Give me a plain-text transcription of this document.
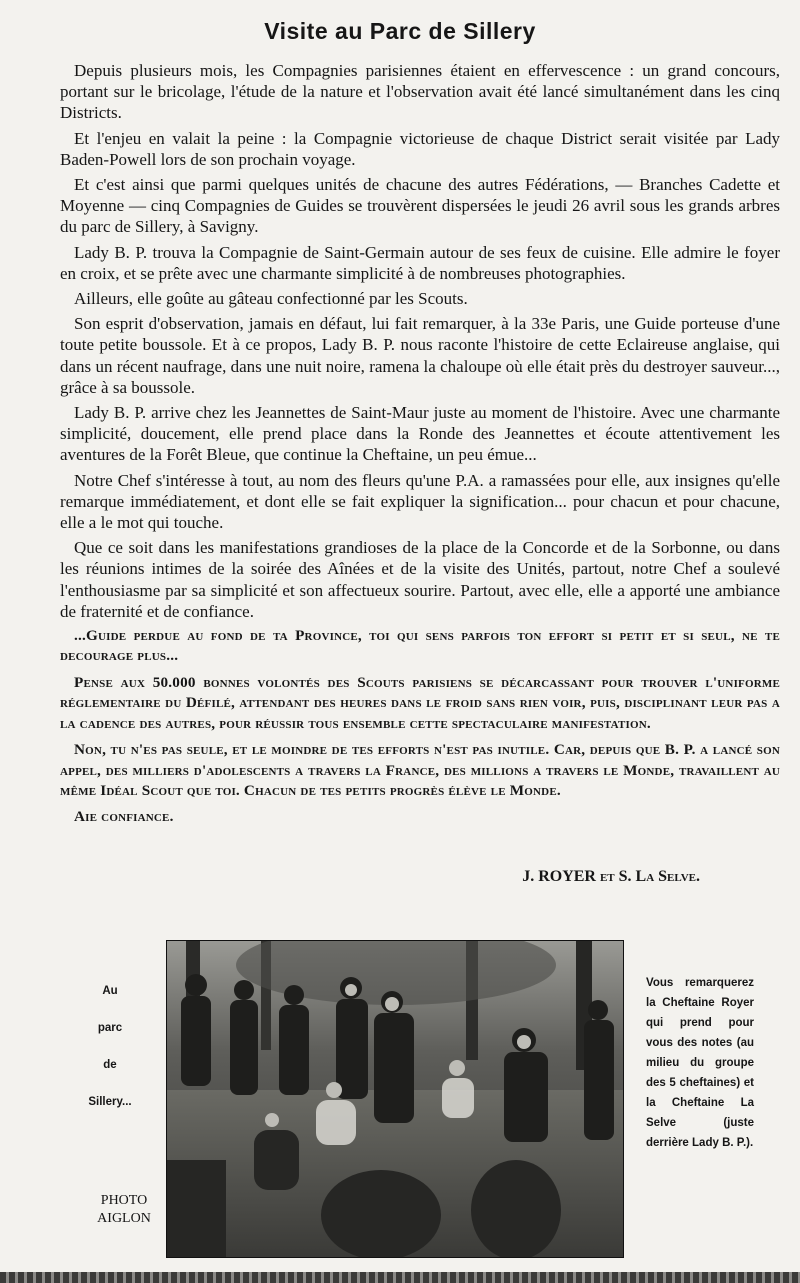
Visite au Parc de Sillery

Depuis plusieurs mois, les Compagnies parisiennes étaient en effervescence : un grand concours, portant sur le bricolage, l'étude de la nature et l'observation avait été lancé simultanément dans les cinq Districts.

Et l'enjeu en valait la peine : la Compagnie victorieuse de chaque District serait visitée par Lady Baden-Powell lors de son prochain voyage.

Et c'est ainsi que parmi quelques unités de chacune des autres Fédérations, — Branches Cadette et Moyenne — cinq Compagnies de Guides se trouvèrent dispersées le jeudi 26 avril sous les grands arbres du parc de Sillery, à Savigny.

Lady B. P. trouva la Compagnie de Saint-Germain autour de ses feux de cuisine. Elle admire le foyer en croix, et se prête avec une charmante simplicité à de nombreuses photographies.

Ailleurs, elle goûte au gâteau confectionné par les Scouts.

Son esprit d'observation, jamais en défaut, lui fait remarquer, à la 33e Paris, une Guide porteuse d'une toute petite boussole. Et à ce propos, Lady B. P. nous raconte l'histoire de cette Eclaireuse anglaise, qui dans un récent naufrage, dans une nuit noire, ramena la chaloupe où elle était près du destroyer sauveur..., grâce à sa boussole.

Lady B. P. arrive chez les Jeannettes de Saint-Maur juste au moment de l'histoire. Avec une charmante simplicité, doucement, elle prend place dans la Ronde des Jeannettes et écoute attentivement les aventures de la Forêt Bleue, que continue la Cheftaine, un peu émue...

Notre Chef s'intéresse à tout, au nom des fleurs qu'une P.A. a ramassées pour elle, aux insignes qu'elle remarque immédiatement, et dont elle se fait expliquer la signification... pour chacun et pour chacune, elle a le mot qui touche.

Que ce soit dans les manifestations grandioses de la place de la Concorde et de la Sorbonne, ou dans les réunions intimes de la soirée des Aînées et de la visite des Unités, partout, notre Chef a soulevé l'enthousiasme par sa simplicité et son affectueux sourire. Partout, avec elle, elle a apporté une ambiance de fraternité et de confiance.

...Guide perdue au fond de ta Province, toi qui sens parfois ton effort si petit et si seul, ne te decourage plus...

Pense aux 50.000 bonnes volontés des Scouts parisiens se décarcassant pour trouver l'uniforme réglementaire du Défilé, attendant des heures dans le froid sans rien voir, puis, disciplinant leur pas a la cadence des autres, pour réussir tous ensemble cette spectaculaire manifestation.

Non, tu n'es pas seule, et le moindre de tes efforts n'est pas inutile. Car, depuis que B. P. a lancé son appel, des milliers d'adolescents a travers la France, des millions a travers le Monde, travaillent au même Idéal Scout que toi. Chacun de tes petits progrès élève le Monde.

Aie confiance.

J. ROYER et S. La Selve.
Au
parc
de
Sillery...
PHOTO
AIGLON

Vous remarquerez la Cheftaine Royer qui prend pour vous des notes (au milieu du groupe des 5 cheftaines) et la Cheftaine La Selve (juste derrière Lady B. P.).
